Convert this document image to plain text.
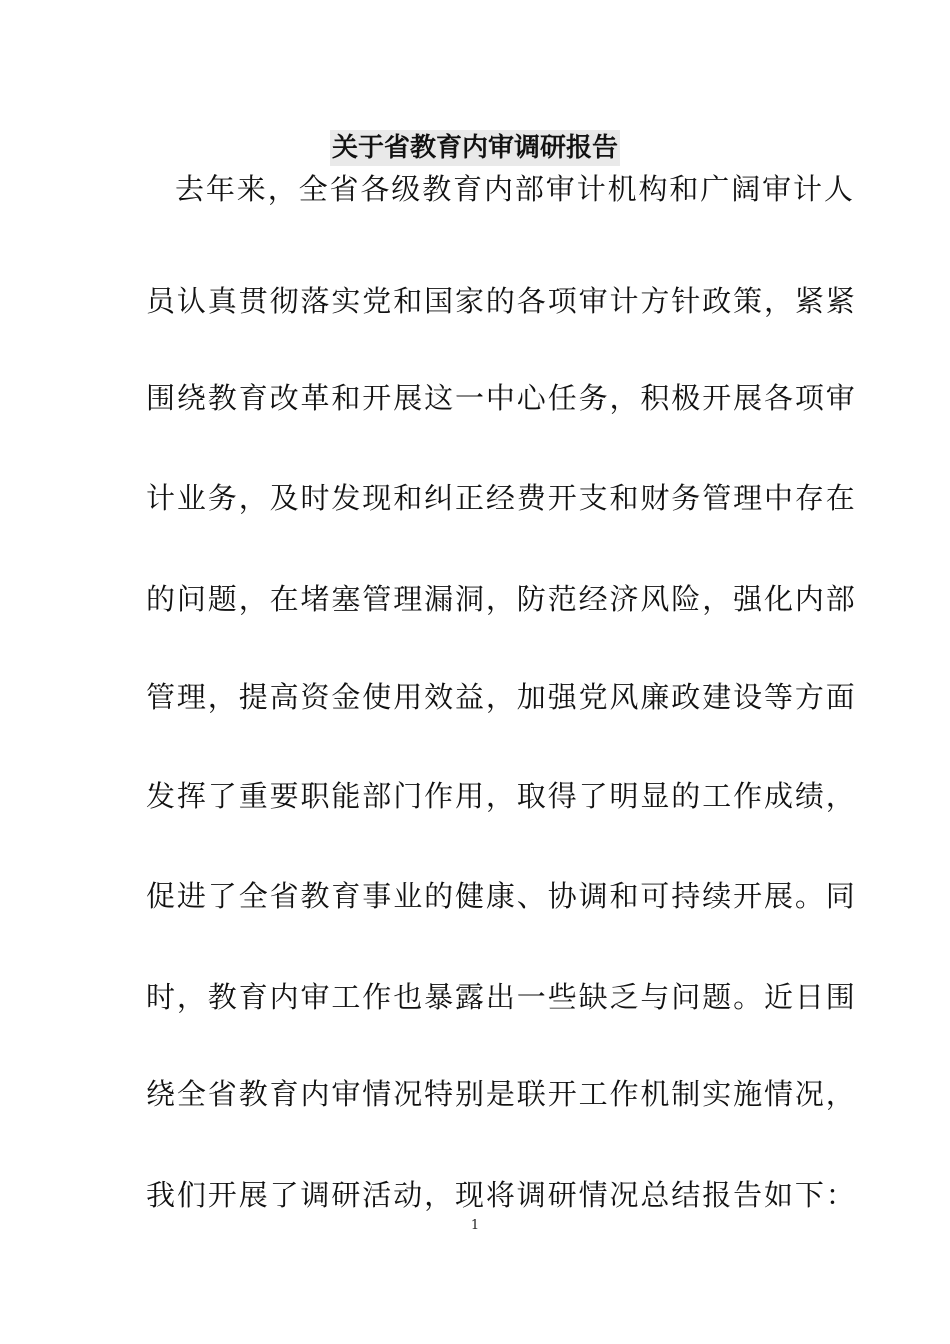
关于省教育内审调研报告
去年来，全省各级教育内部审计机构和广阔审计人
员认真贯彻落实党和国家的各项审计方针政策，紧紧
围绕教育改革和开展这一中心任务，积极开展各项审
计业务，及时发现和纠正经费开支和财务管理中存在
的问题，在堵塞管理漏洞，防范经济风险，强化内部
管理，提高资金使用效益，加强党风廉政建设等方面
发挥了重要职能部门作用，取得了明显的工作成绩，
促进了全省教育事业的健康、协调和可持续开展。同
时，教育内审工作也暴露出一些缺乏与问题。近日围
绕全省教育内审情况特别是联开工作机制实施情况，
我们开展了调研活动，现将调研情况总结报告如下：
1
